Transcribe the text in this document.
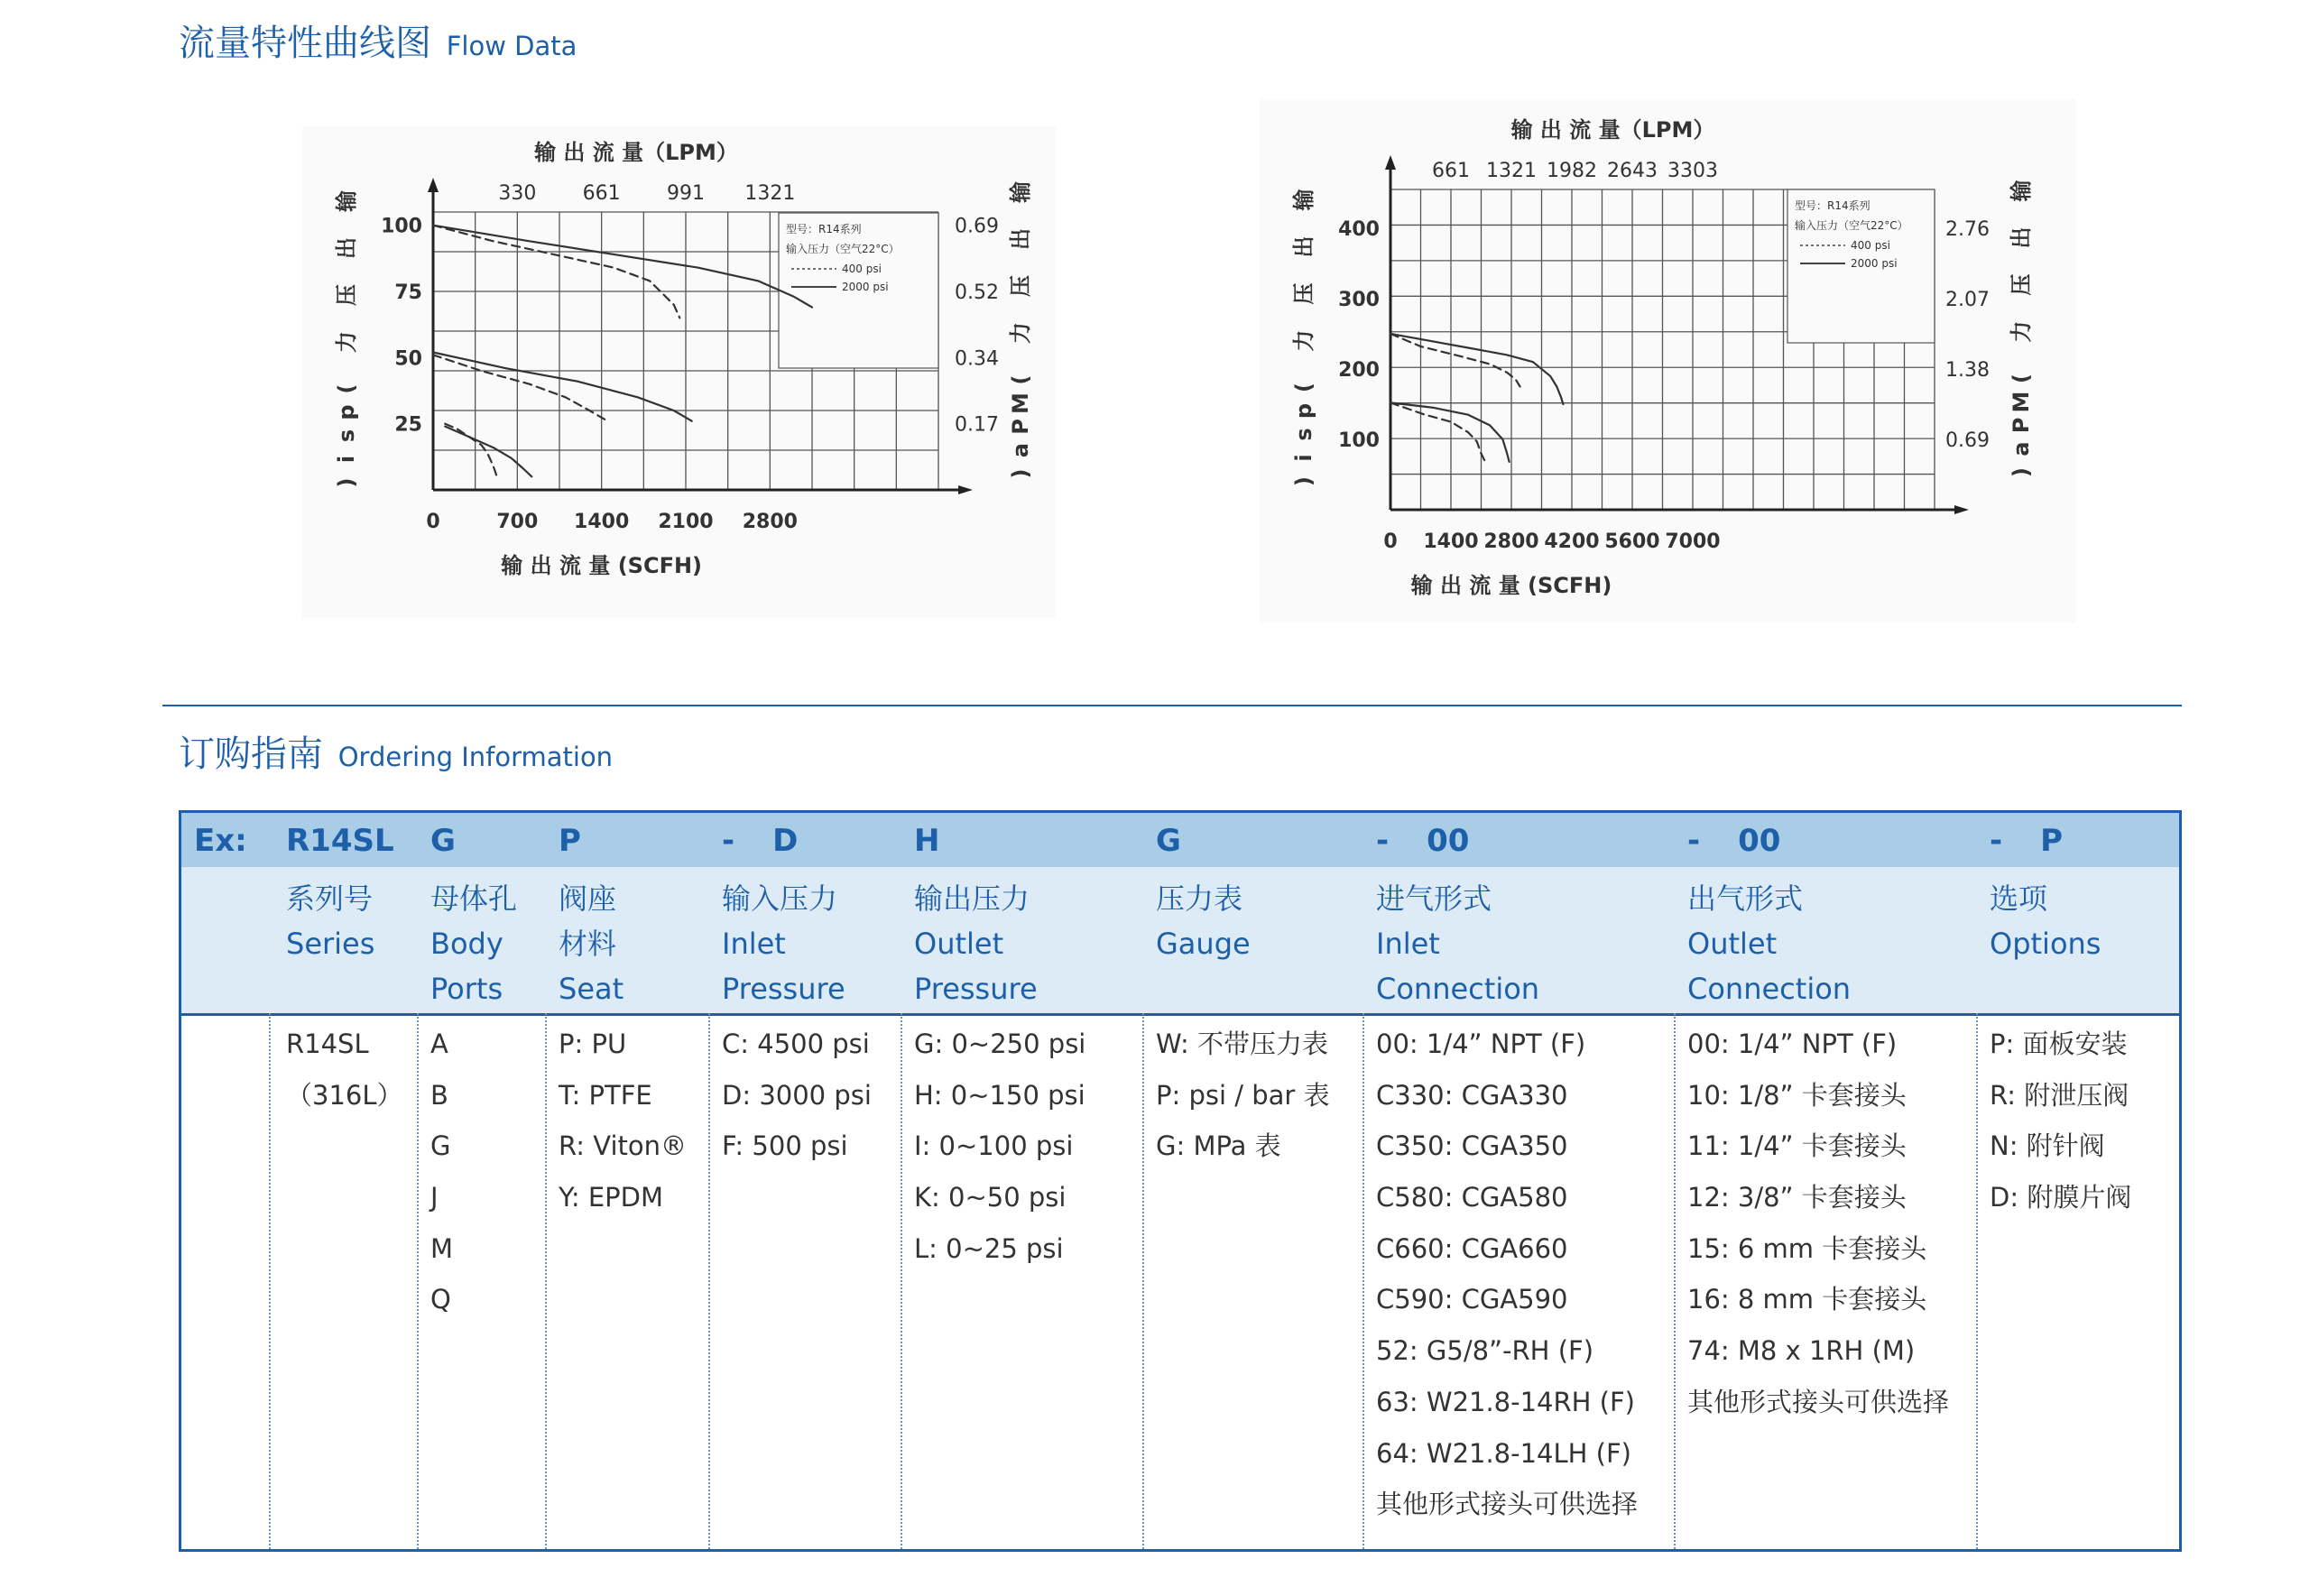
流量特性曲线图 Flow Data
型号：R14系列
输入压力（空气22°C）
400 psi
2000 psi
0	700 1400 2100 2800
330 661 991 1321
100
75
50
25
0.69
0.52
0.34
0.17
输 出 流 量（LPM）
输 出 流 量 (SCFH)
输
出
压
力
(
p
s
i
)
输
出
压
力
(
M
P
a
)
型号：R14系列
输入压力（空气22°C）
400 psi
2000 psi
0 1400 2800 4200 5600 7000
661 1321 1982 2643 3303
400
300
200
100
2.76
2.07
1.38
0.69
输 出 流 量（LPM）
输 出 流 量 (SCFH)
输
出
压
力
(
p
s
i
)
输
出
压
力
(
M
P
a
)
订购指南 Ordering Information
Ex: R14SL
系列号
Series
R14SL
（316L）
G
母体孔
Body
Ports
A
B
G
J
M
Q
P
阀座
材料
Seat
P: PU
T: PTFE
R: Viton®
Y: EPDM
- D
输入压力
Inlet
Pressure
C: 4500 psi
D: 3000 psi
F: 500 psi
H
输出压力
Outlet
Pressure
G: 0~250 psi
H: 0~150 psi
I: 0~100 psi
K: 0~50 psi
L: 0~25 psi
G
压力表
Gauge
W: 不带压力表
P: psi / bar 表
G: MPa 表
- 00
进气形式
Inlet
Connection
00: 1/4” NPT (F)
C330: CGA330
C350: CGA350
C580: CGA580
C660: CGA660
C590: CGA590
52: G5/8”-RH (F)
63: W21.8-14RH (F)
64: W21.8-14LH (F)
其他形式接头可供选择
- 00
出气形式
Outlet
Connection
00: 1/4” NPT (F)
10: 1/8” 卡套接头
11: 1/4” 卡套接头
12: 3/8” 卡套接头
15: 6 mm 卡套接头
16: 8 mm 卡套接头
74: M8 x 1RH (M)
其他形式接头可供选择
- P
选项
Options
P: 面板安装
R: 附泄压阀
N: 附针阀
D: 附膜片阀
